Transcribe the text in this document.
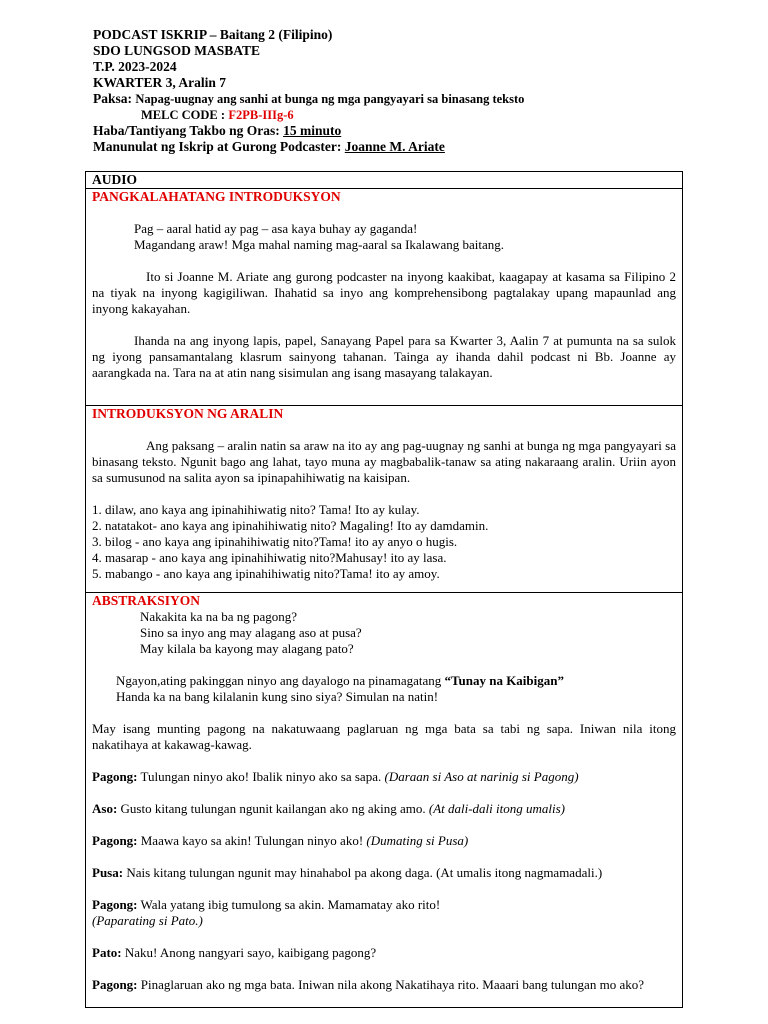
PODCAST ISKRIP – Baitang 2 (Filipino)
SDO LUNGSOD MASBATE
T.P. 2023-2024
KWARTER 3, Aralin 7
Paksa: Napag-uugnay ang sanhi at bunga ng mga pangyayari sa binasang teksto
MELC CODE : F2PB-IIIg-6
Haba/Tantiyang Takbo ng Oras: 15 minuto
Manunulat ng Iskrip at Gurong Podcaster: Joanne M. Ariate
AUDIO

PANGKALAHATANG INTRODUKSYON

Pag – aaral hatid ay pag – asa kaya buhay ay gaganda!

Magandang araw! Mga mahal naming mag-aaral sa Ikalawang baitang.

Ito si Joanne M. Ariate ang gurong podcaster na inyong kaakibat, kaagapay at kasama sa Filipino 2 na tiyak na inyong kagigiliwan. Ihahatid sa inyo ang komprehensibong pagtalakay upang mapaunlad ang inyong kakayahan.

Ihanda na ang inyong lapis, papel, Sanayang Papel para sa Kwarter 3, Aalin 7 at pumunta na sa sulok ng iyong pansamantalang klasrum sainyong tahanan. Tainga ay ihanda dahil podcast ni Bb. Joanne ay aarangkada na. Tara na at atin nang sisimulan ang isang masayang talakayan.

INTRODUKSYON NG ARALIN

Ang paksang – aralin natin sa araw na ito ay ang pag-uugnay ng sanhi at bunga ng mga pangyayari sa binasang teksto. Ngunit bago ang lahat, tayo muna ay magbabalik-tanaw sa ating nakaraang aralin. Uriin ayon sa sumusunod na salita ayon sa ipinapahihiwatig na kaisipan.

1. dilaw, ano kaya ang ipinahihiwatig nito? Tama! Ito ay kulay.

2. natatakot- ano kaya ang ipinahihiwatig nito? Magaling! Ito ay damdamin.

3. bilog - ano kaya ang ipinahihiwatig nito?Tama! ito ay anyo o hugis.

4. masarap - ano kaya ang ipinahihiwatig nito?Mahusay! ito ay lasa.

5. mabango - ano kaya ang ipinahihiwatig nito?Tama! ito ay amoy.

ABSTRAKSIYON

Nakakita ka na ba ng pagong?

Sino sa inyo ang may alagang aso at pusa?

May kilala ba kayong may alagang pato?

Ngayon,ating pakinggan ninyo ang dayalogo na pinamagatang “Tunay na Kaibigan”

Handa ka na bang kilalanin kung sino siya? Simulan na natin!

May isang munting pagong na nakatuwaang paglaruan ng mga bata sa tabi ng sapa. Iniwan nila itong nakatihaya at kakawag-kawag.

Pagong: Tulungan ninyo ako! Ibalik ninyo ako sa sapa. (Daraan si Aso at narinig si Pagong)

Aso: Gusto kitang tulungan ngunit kailangan ako ng aking amo. (At dali-dali itong umalis)

Pagong: Maawa kayo sa akin! Tulungan ninyo ako! (Dumating si Pusa)

Pusa: Nais kitang tulungan ngunit may hinahabol pa akong daga. (At umalis itong nagmamadali.)

Pagong: Wala yatang ibig tumulong sa akin. Mamamatay ako rito!

(Paparating si Pato.)

Pato: Naku! Anong nangyari sayo, kaibigang pagong?

Pagong: Pinaglaruan ako ng mga bata. Iniwan nila akong Nakatihaya rito. Maaari bang tulungan mo ako?
